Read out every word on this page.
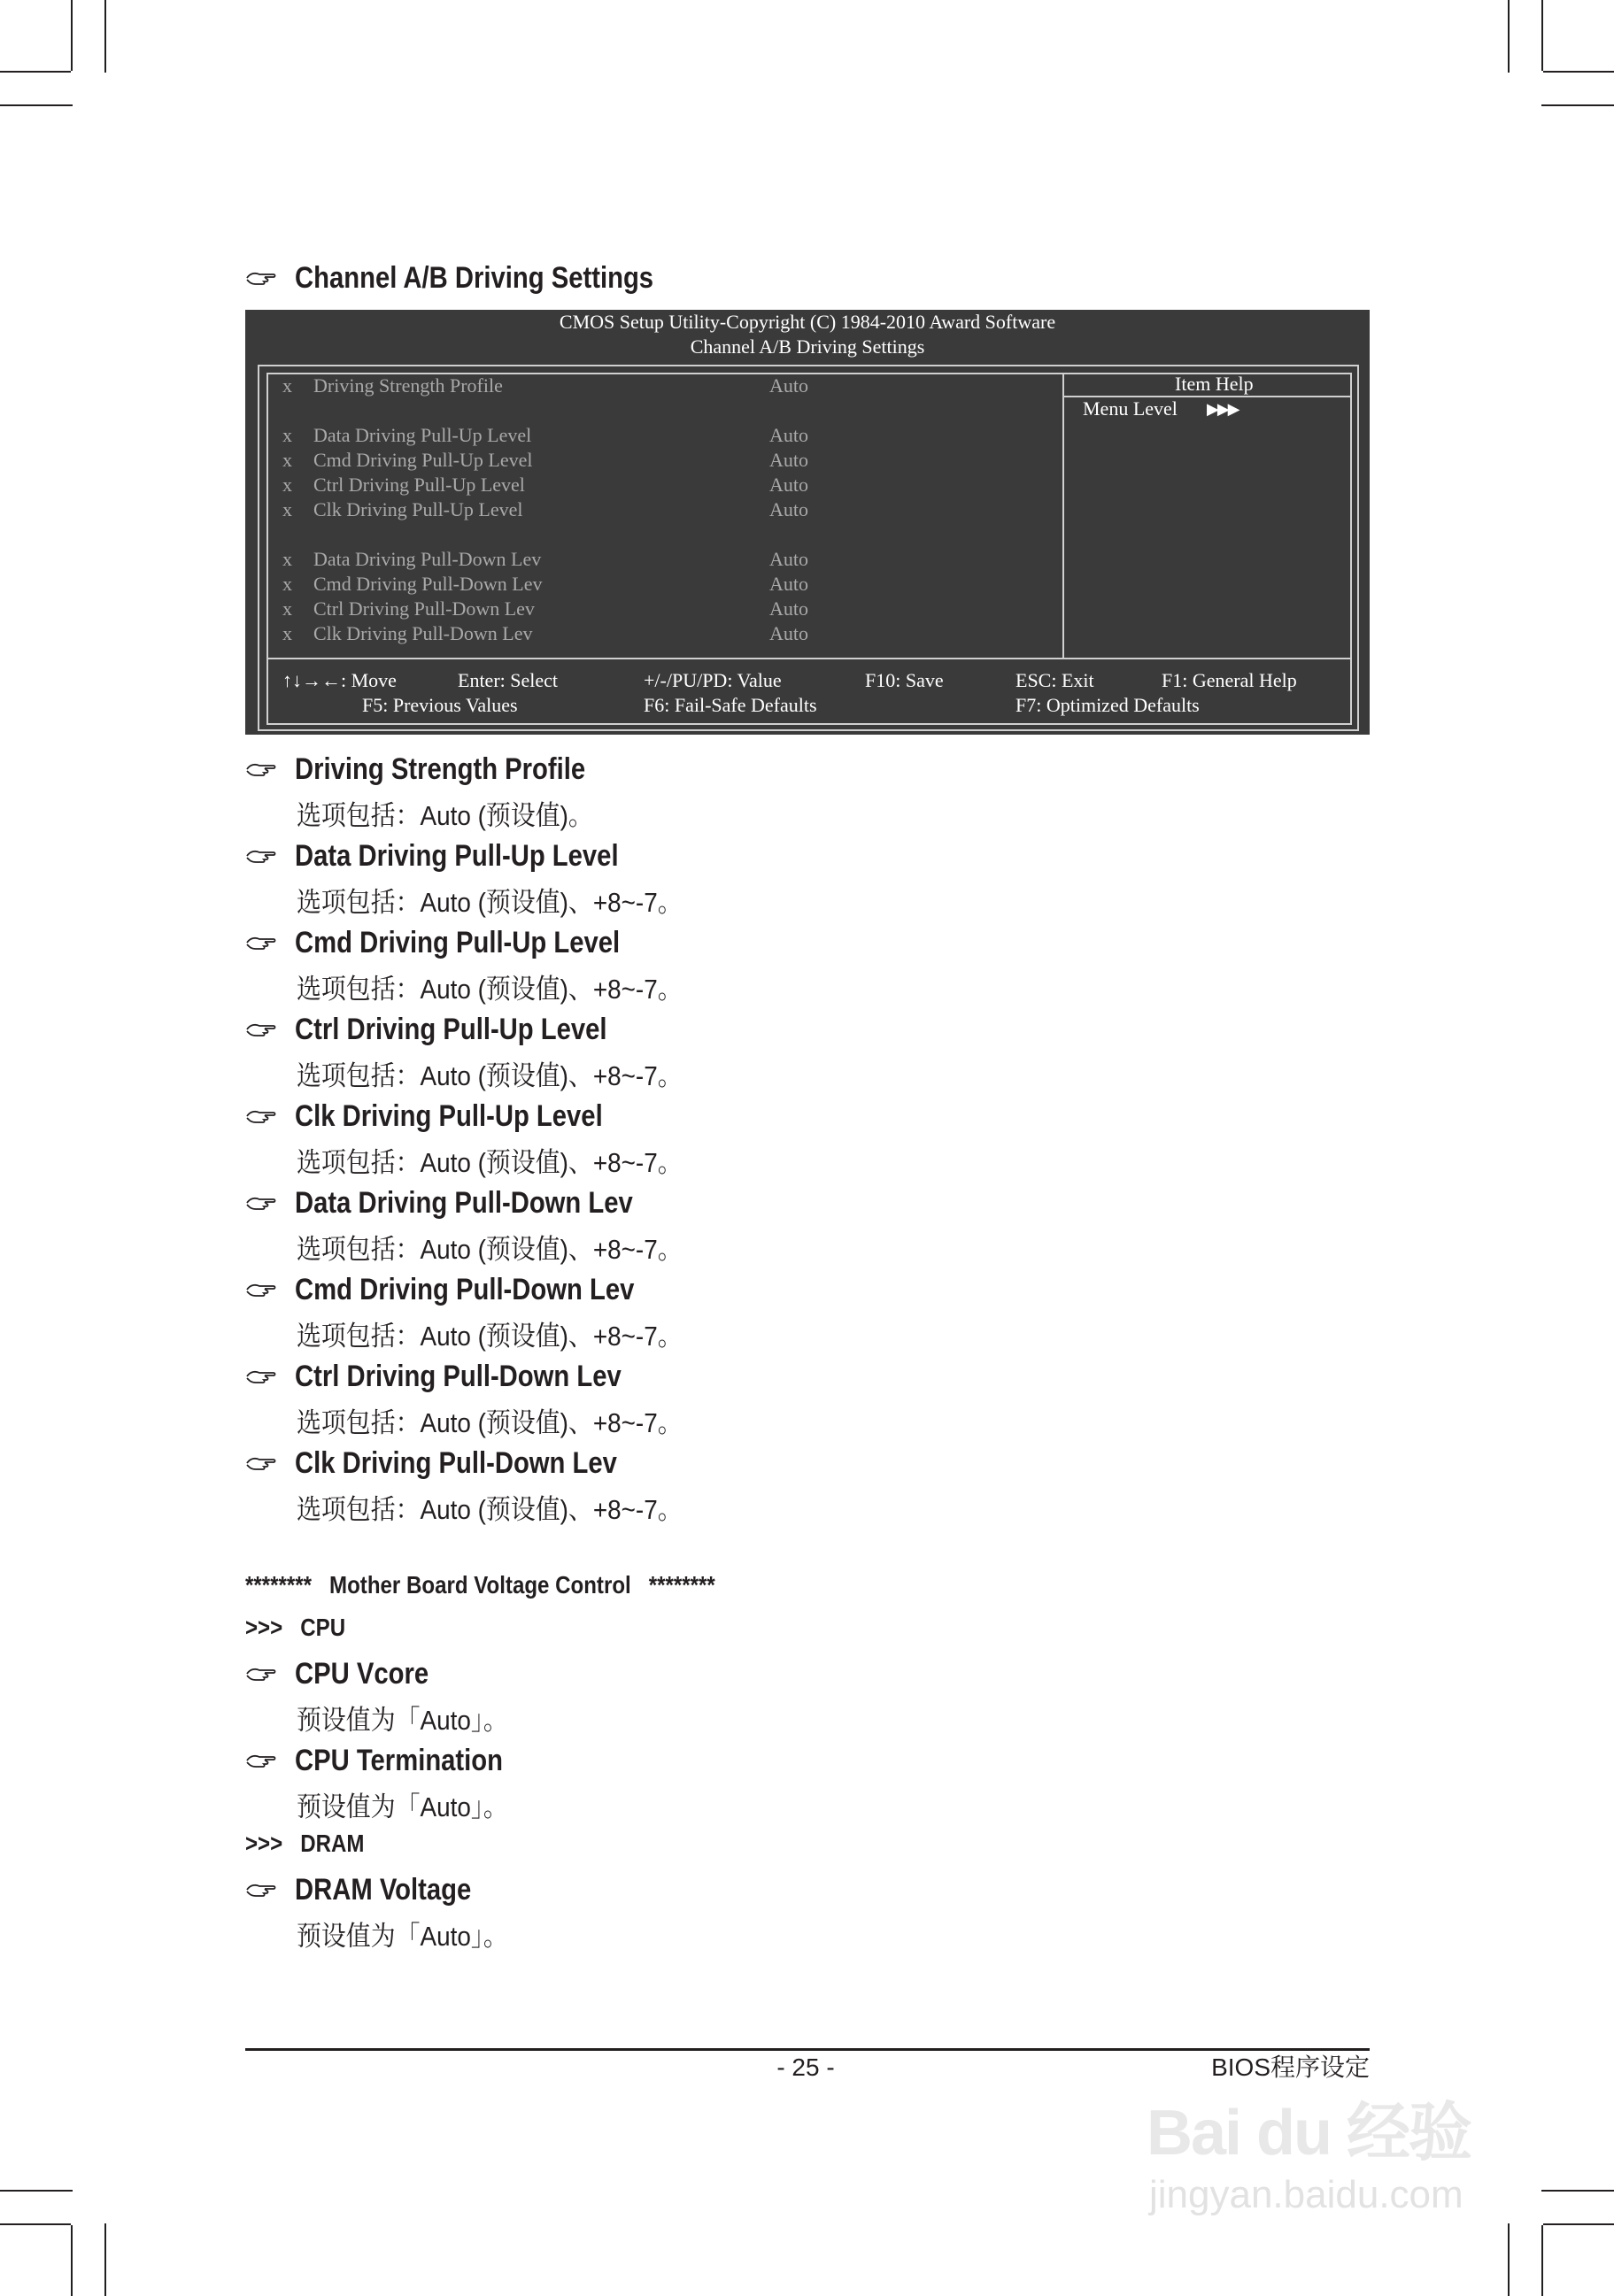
Channel A/B Driving Settings
CMOS Setup Utility-Copyright (C) 1984-2010 Award Software
Channel A/B Driving Settings
x Driving Strength Profile	Auto
x Data Driving Pull-Up Level	Auto
x Cmd Driving Pull-Up Level	Auto
x Ctrl Driving Pull-Up Level	Auto
x Clk Driving Pull-Up Level	Auto
x Data Driving Pull-Down Lev	Auto
x Cmd Driving Pull-Down Lev	Auto
x Ctrl Driving Pull-Down Lev	Auto
x Clk Driving Pull-Down Lev	Auto
Item Help
Menu Level ▶▶▶
↑↓→←: Move	Enter: Select	+/-/PU/PD: Value	F10: Save	ESC: Exit	F1: General Help
F5: Previous Values	F6: Fail-Safe Defaults	F7: Optimized Defaults
Driving Strength Profile
选项包括：Auto (预设值)。
Data Driving Pull-Up Level
选项包括：Auto (预设值)、+8~-7。
Cmd Driving Pull-Up Level
选项包括：Auto (预设值)、+8~-7。
Ctrl Driving Pull-Up Level
选项包括：Auto (预设值)、+8~-7。
Clk Driving Pull-Up Level
选项包括：Auto (预设值)、+8~-7。
Data Driving Pull-Down Lev
选项包括：Auto (预设值)、+8~-7。
Cmd Driving Pull-Down Lev
选项包括：Auto (预设值)、+8~-7。
Ctrl Driving Pull-Down Lev
选项包括：Auto (预设值)、+8~-7。
Clk Driving Pull-Down Lev
选项包括：Auto (预设值)、+8~-7。
********   Mother Board Voltage Control   ********
>>>   CPU
CPU Vcore
预设值为「Auto」。
CPU Termination
预设值为「Auto」。
>>>   DRAM
DRAM Voltage
预设值为「Auto」。
- 25 -	BIOS程序设定
Bai du 经验
jingyan.baidu.com
